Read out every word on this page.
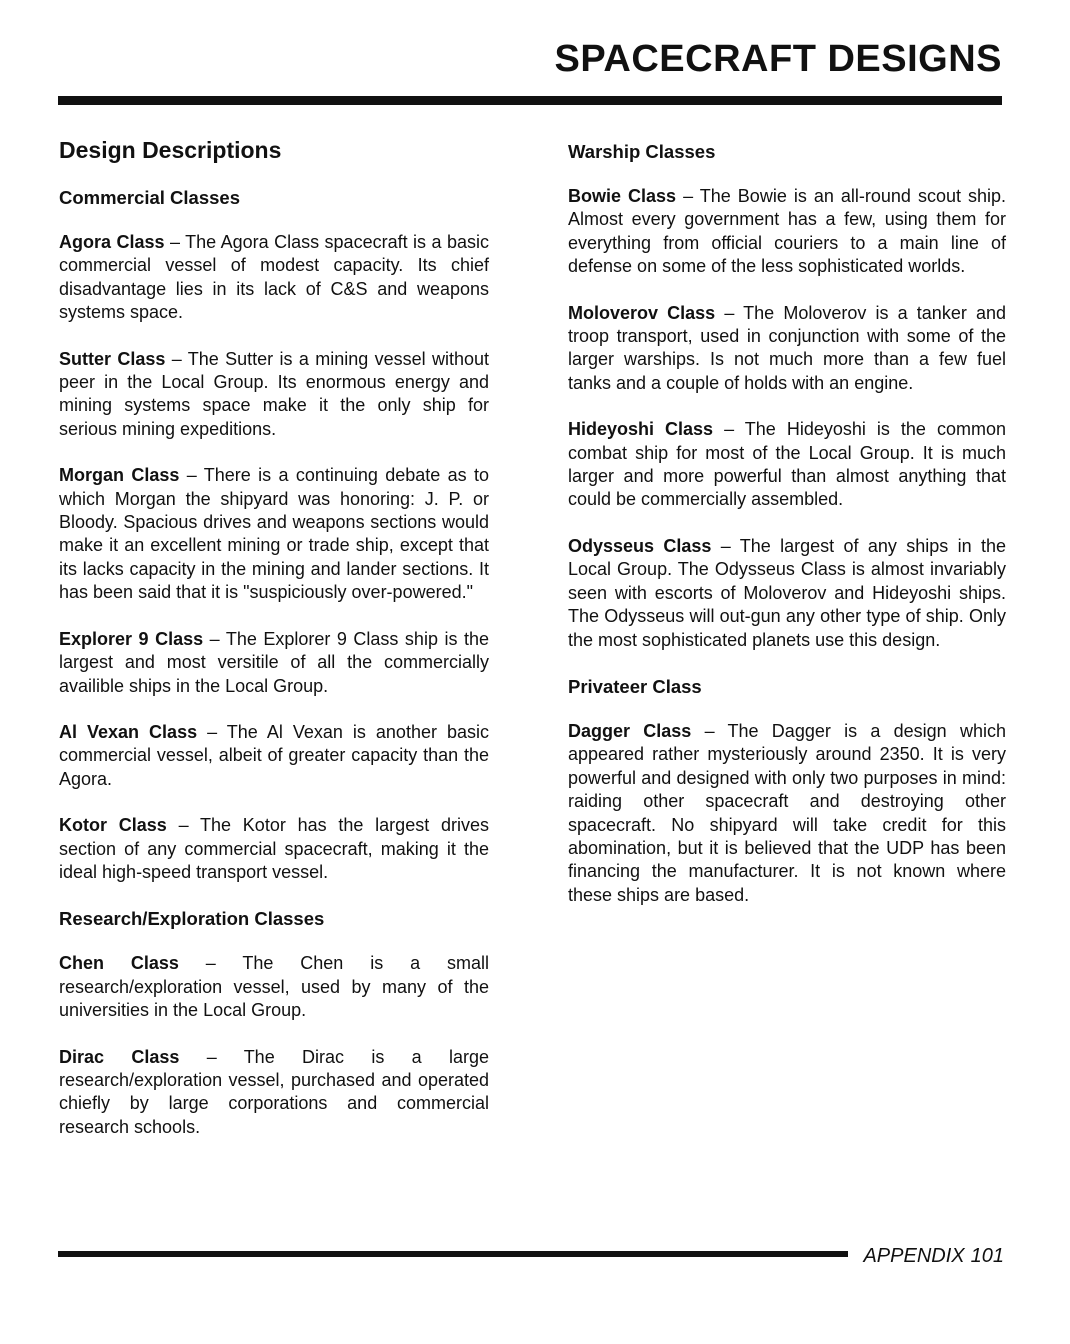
SPACECRAFT DESIGNS
Design Descriptions
Commercial Classes

Agora Class – The Agora Class spacecraft is a basic commercial vessel of modest capacity. Its chief disadvantage lies in its lack of C&S and weapons systems space.

Sutter Class – The Sutter is a mining vessel without peer in the Local Group. Its enormous energy and mining systems space make it the only ship for serious mining expeditions.

Morgan Class – There is a continuing debate as to which Morgan the shipyard was honoring: J. P. or Bloody. Spacious drives and weapons sections would make it an excellent mining or trade ship, except that its lacks capacity in the mining and lander sections. It has been said that it is "suspiciously over-powered."

Explorer 9 Class – The Explorer 9 Class ship is the largest and most versitile of all the commercially availible ships in the Local Group.

Al Vexan Class – The Al Vexan is another basic commercial vessel, albeit of greater capacity than the Agora.

Kotor Class – The Kotor has the largest drives section of any commercial spacecraft, making it the ideal high-speed transport vessel.

Research/Exploration Classes

Chen Class – The Chen is a small research/exploration vessel, used by many of the universities in the Local Group.

Dirac Class – The Dirac is a large research/exploration vessel, purchased and operated chiefly by large corporations and commercial research schools.

Warship Classes

Bowie Class – The Bowie is an all-round scout ship. Almost every government has a few, using them for everything from official couriers to a main line of defense on some of the less sophisticated worlds.

Moloverov Class – The Moloverov is a tanker and troop transport, used in conjunction with some of the larger warships. Is not much more than a few fuel tanks and a couple of holds with an engine.

Hideyoshi Class – The Hideyoshi is the common combat ship for most of the Local Group. It is much larger and more powerful than almost anything that could be commercially assembled.

Odysseus Class – The largest of any ships in the Local Group. The Odysseus Class is almost invariably seen with escorts of Moloverov and Hideyoshi ships. The Odysseus will out-gun any other type of ship. Only the most sophisticated planets use this design.

Privateer Class

Dagger Class – The Dagger is a design which appeared rather mysteriously around 2350. It is very powerful and designed with only two purposes in mind: raiding other spacecraft and destroying other spacecraft. No shipyard will take credit for this abomination, but it is believed that the UDP has been financing the manufacturer. It is not known where these ships are based.

APPENDIX 101
